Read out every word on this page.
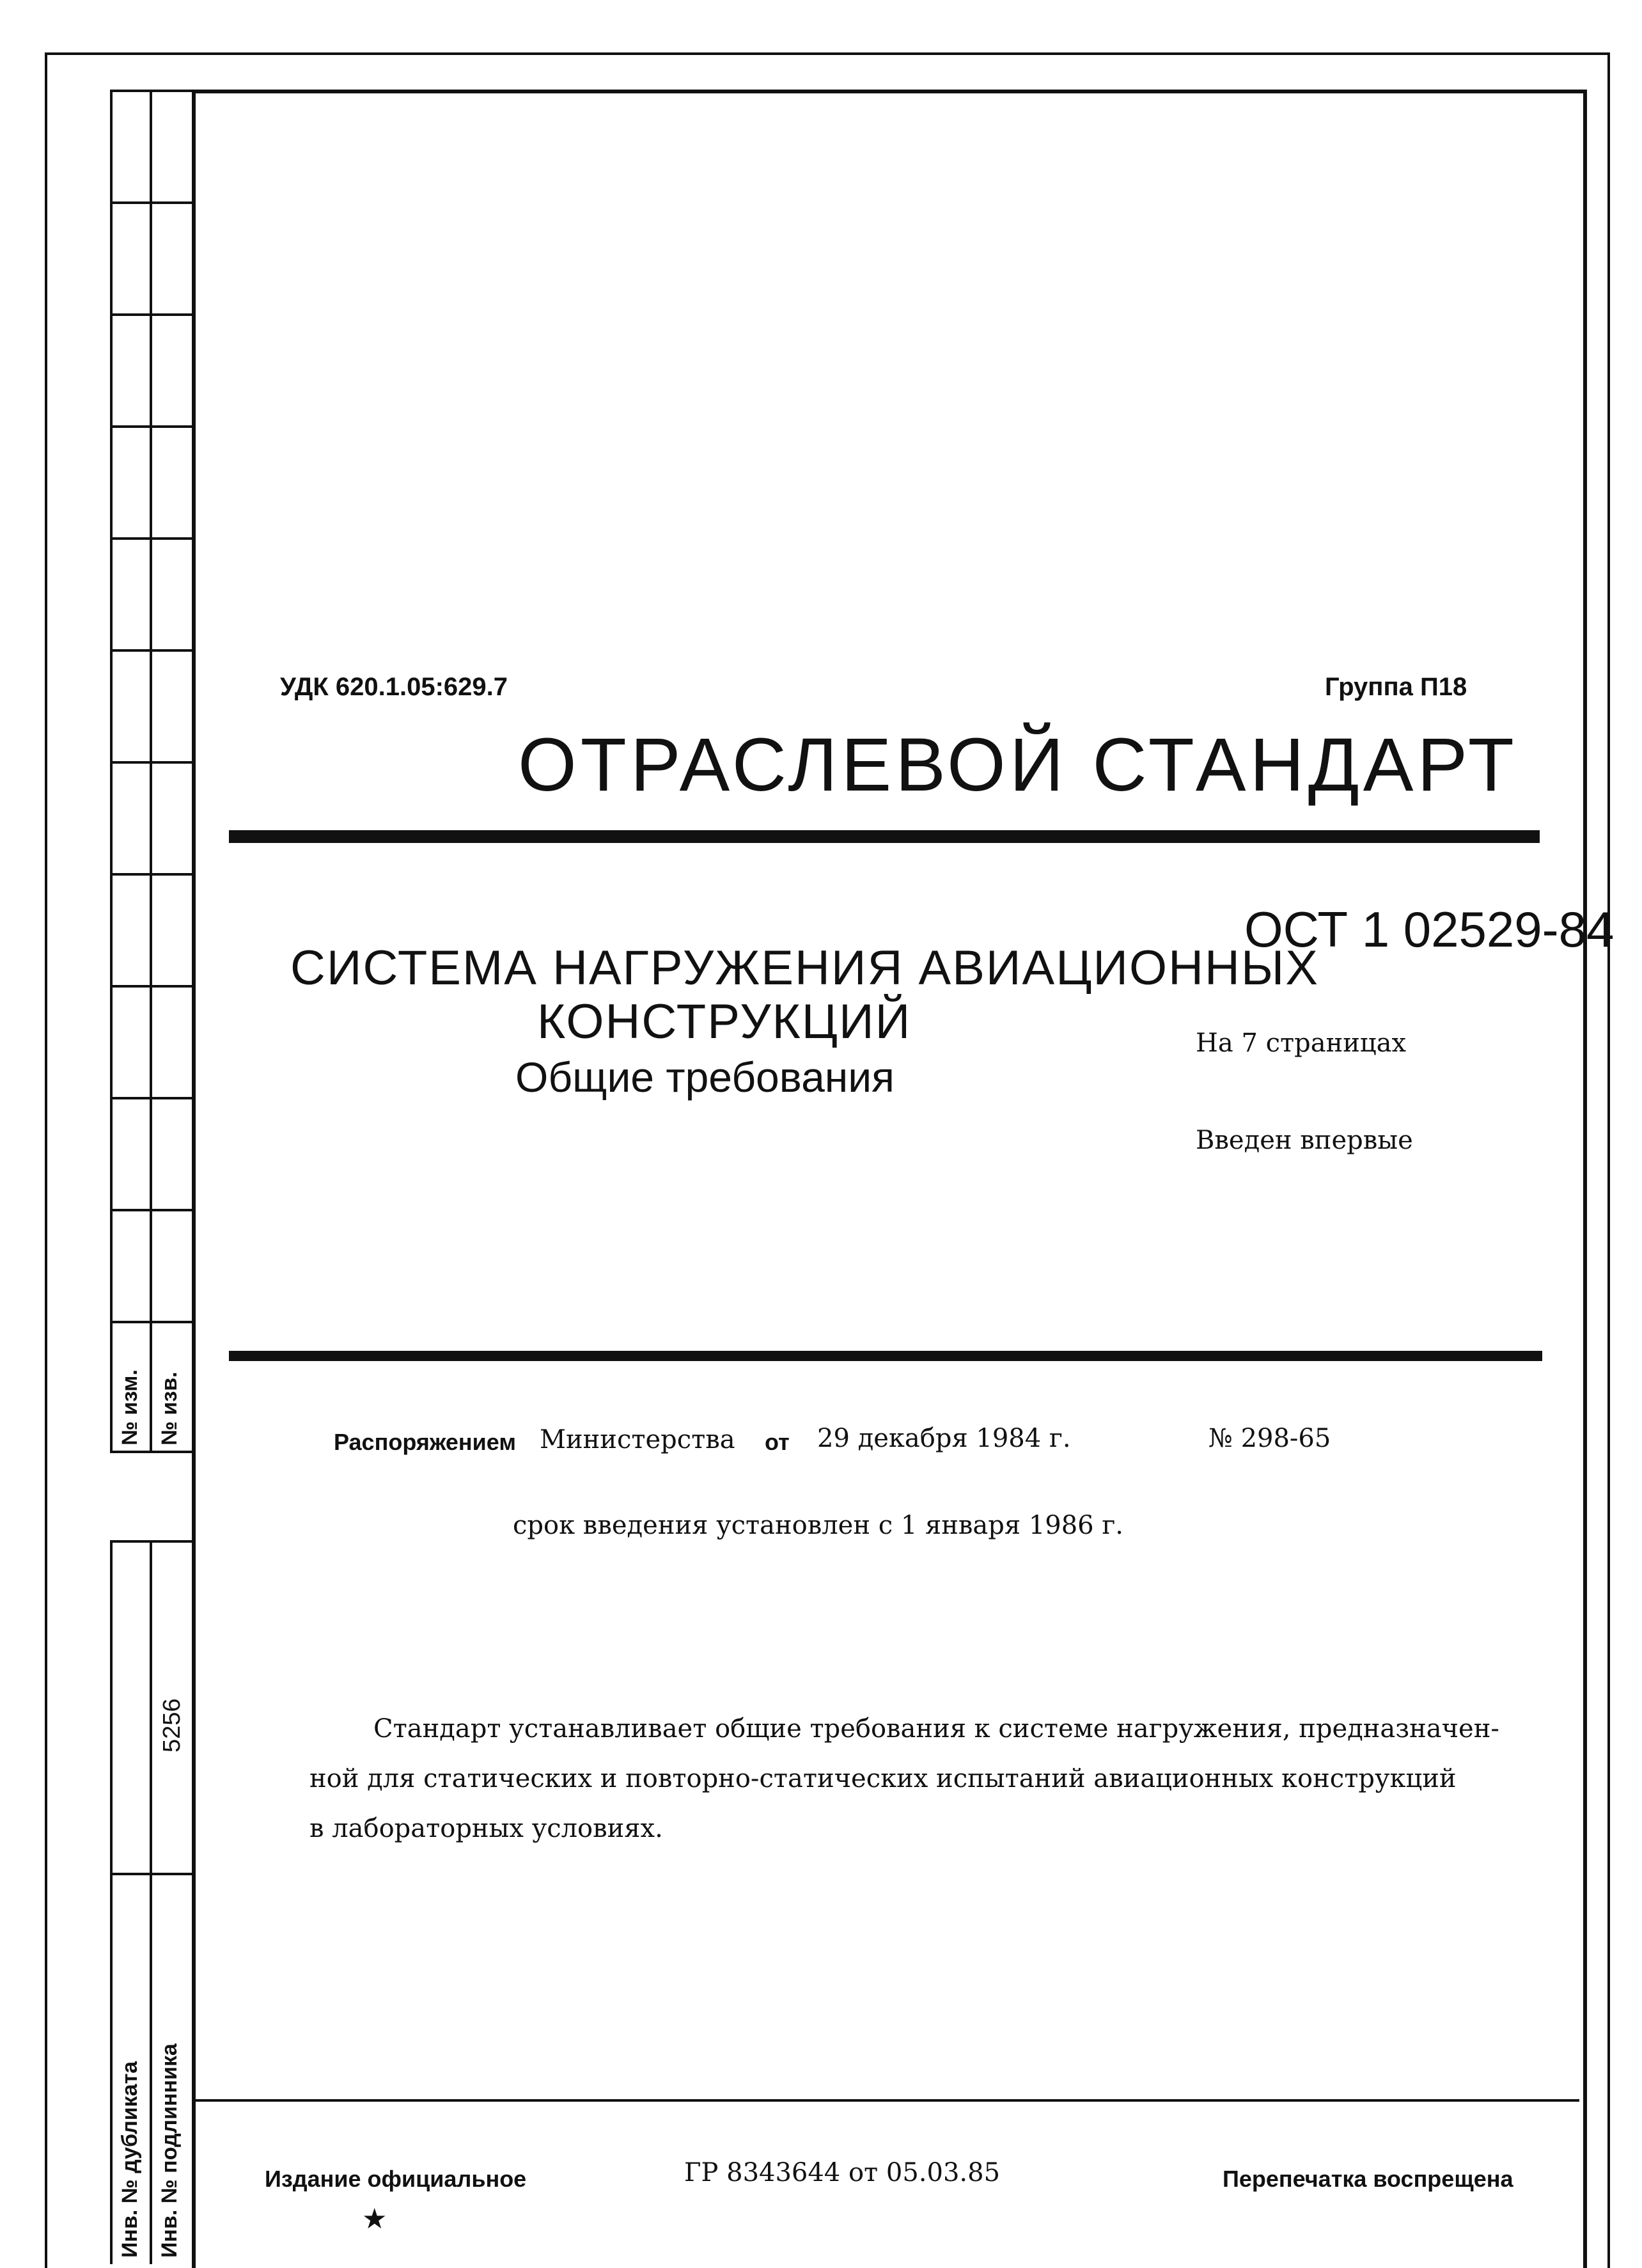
№ изм. № изв.
5256
Инв. № дубликата Инв. № подлинника
УДК 620.1.05:629.7	Группа П18
ОТРАСЛЕВОЙ СТАНДАРТ
ОСТ 1 02529-84
СИСТЕМА НАГРУЖЕНИЯ АВИАЦИОННЫХ
КОНСТРУКЦИЙ
Общие требования
На 7 страницах
Введен впервые
Распоряжением Министерства от 29 декабря 1984 г.	№ 298-65
срок введения установлен с 1 января 1986 г.
Стандарт устанавливает общие требования к системе нагружения, предназначен-
ной для статических и повторно-статических испытаний авиационных конструкций
в лабораторных условиях.
Издание официальное	ГР 8343644 от 05.03.85	Перепечатка воспрещена
★
